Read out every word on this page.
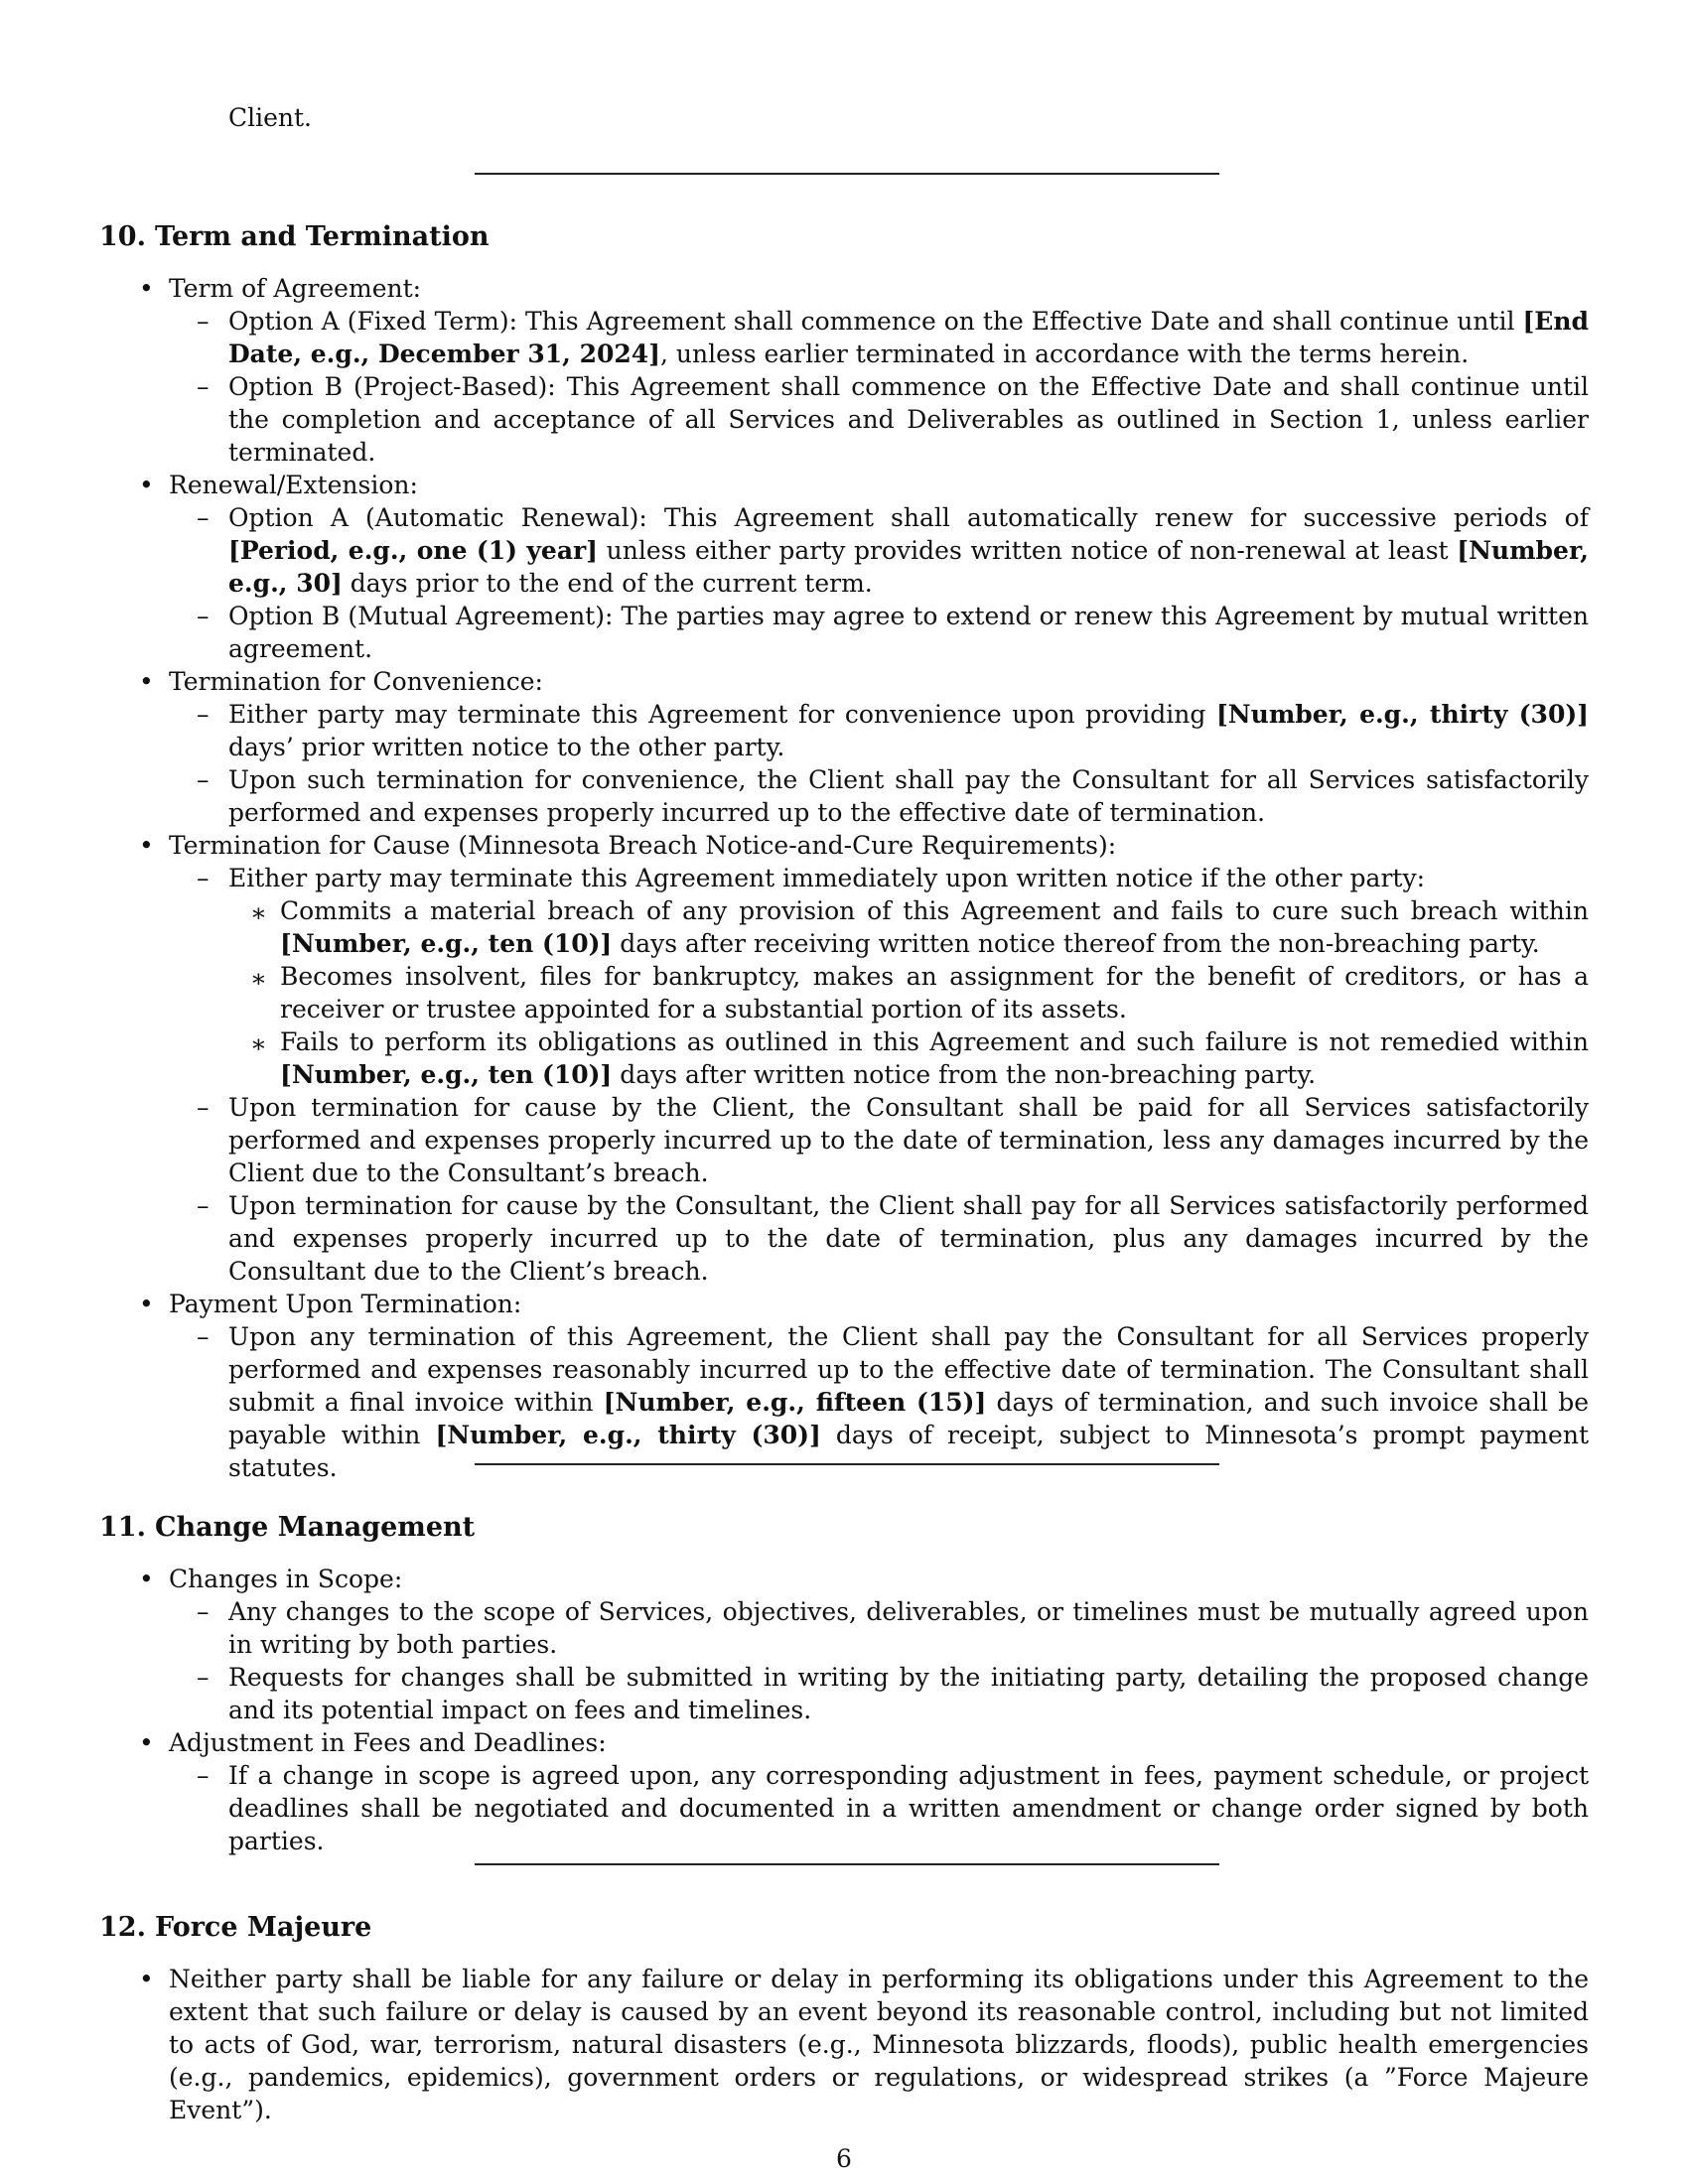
Client.
10. Term and Termination
• Term of Agreement:
– Option A (Fixed Term): This Agreement shall commence on the Effective Date and shall continue until [End Date, e.g., December 31, 2024], unless earlier terminated in accordance with the terms herein.
– Option B (Project-Based): This Agreement shall commence on the Effective Date and shall continue until the completion and acceptance of all Services and Deliverables as outlined in Section 1, unless earlier terminated.
• Renewal/Extension:
– Option A (Automatic Renewal): This Agreement shall automatically renew for successive periods of [Period, e.g., one (1) year] unless either party provides written notice of non-renewal at least [Number, e.g., 30] days prior to the end of the current term.
– Option B (Mutual Agreement): The parties may agree to extend or renew this Agreement by mutual written agreement.
• Termination for Convenience:
– Either party may terminate this Agreement for convenience upon providing [Number, e.g., thirty (30)] days’ prior written notice to the other party.
– Upon such termination for convenience, the Client shall pay the Consultant for all Services satisfactorily performed and expenses properly incurred up to the effective date of termination.
• Termination for Cause (Minnesota Breach Notice-and-Cure Requirements):
– Either party may terminate this Agreement immediately upon written notice if the other party:
∗ Commits a material breach of any provision of this Agreement and fails to cure such breach within [Number, e.g., ten (10)] days after receiving written notice thereof from the non-breaching party.
∗ Becomes insolvent, files for bankruptcy, makes an assignment for the benefit of creditors, or has a receiver or trustee appointed for a substantial portion of its assets.
∗ Fails to perform its obligations as outlined in this Agreement and such failure is not remedied within [Number, e.g., ten (10)] days after written notice from the non-breaching party.
– Upon termination for cause by the Client, the Consultant shall be paid for all Services satisfactorily performed and expenses properly incurred up to the date of termination, less any damages incurred by the Client due to the Consultant’s breach.
– Upon termination for cause by the Consultant, the Client shall pay for all Services satisfactorily performed and expenses properly incurred up to the date of termination, plus any damages incurred by the Consultant due to the Client’s breach.
• Payment Upon Termination:
– Upon any termination of this Agreement, the Client shall pay the Consultant for all Services properly performed and expenses reasonably incurred up to the effective date of termination. The Consultant shall submit a final invoice within [Number, e.g., fifteen (15)] days of termination, and such invoice shall be payable within [Number, e.g., thirty (30)] days of receipt, subject to Minnesota’s prompt payment statutes.
11. Change Management
• Changes in Scope:
– Any changes to the scope of Services, objectives, deliverables, or timelines must be mutually agreed upon in writing by both parties.
– Requests for changes shall be submitted in writing by the initiating party, detailing the proposed change and its potential impact on fees and timelines.
• Adjustment in Fees and Deadlines:
– If a change in scope is agreed upon, any corresponding adjustment in fees, payment schedule, or project deadlines shall be negotiated and documented in a written amendment or change order signed by both parties.
12. Force Majeure
• Neither party shall be liable for any failure or delay in performing its obligations under this Agreement to the extent that such failure or delay is caused by an event beyond its reasonable control, including but not limited to acts of God, war, terrorism, natural disasters (e.g., Minnesota blizzards, floods), public health emergencies (e.g., pandemics, epidemics), government orders or regulations, or widespread strikes (a ”Force Majeure Event”).
6
